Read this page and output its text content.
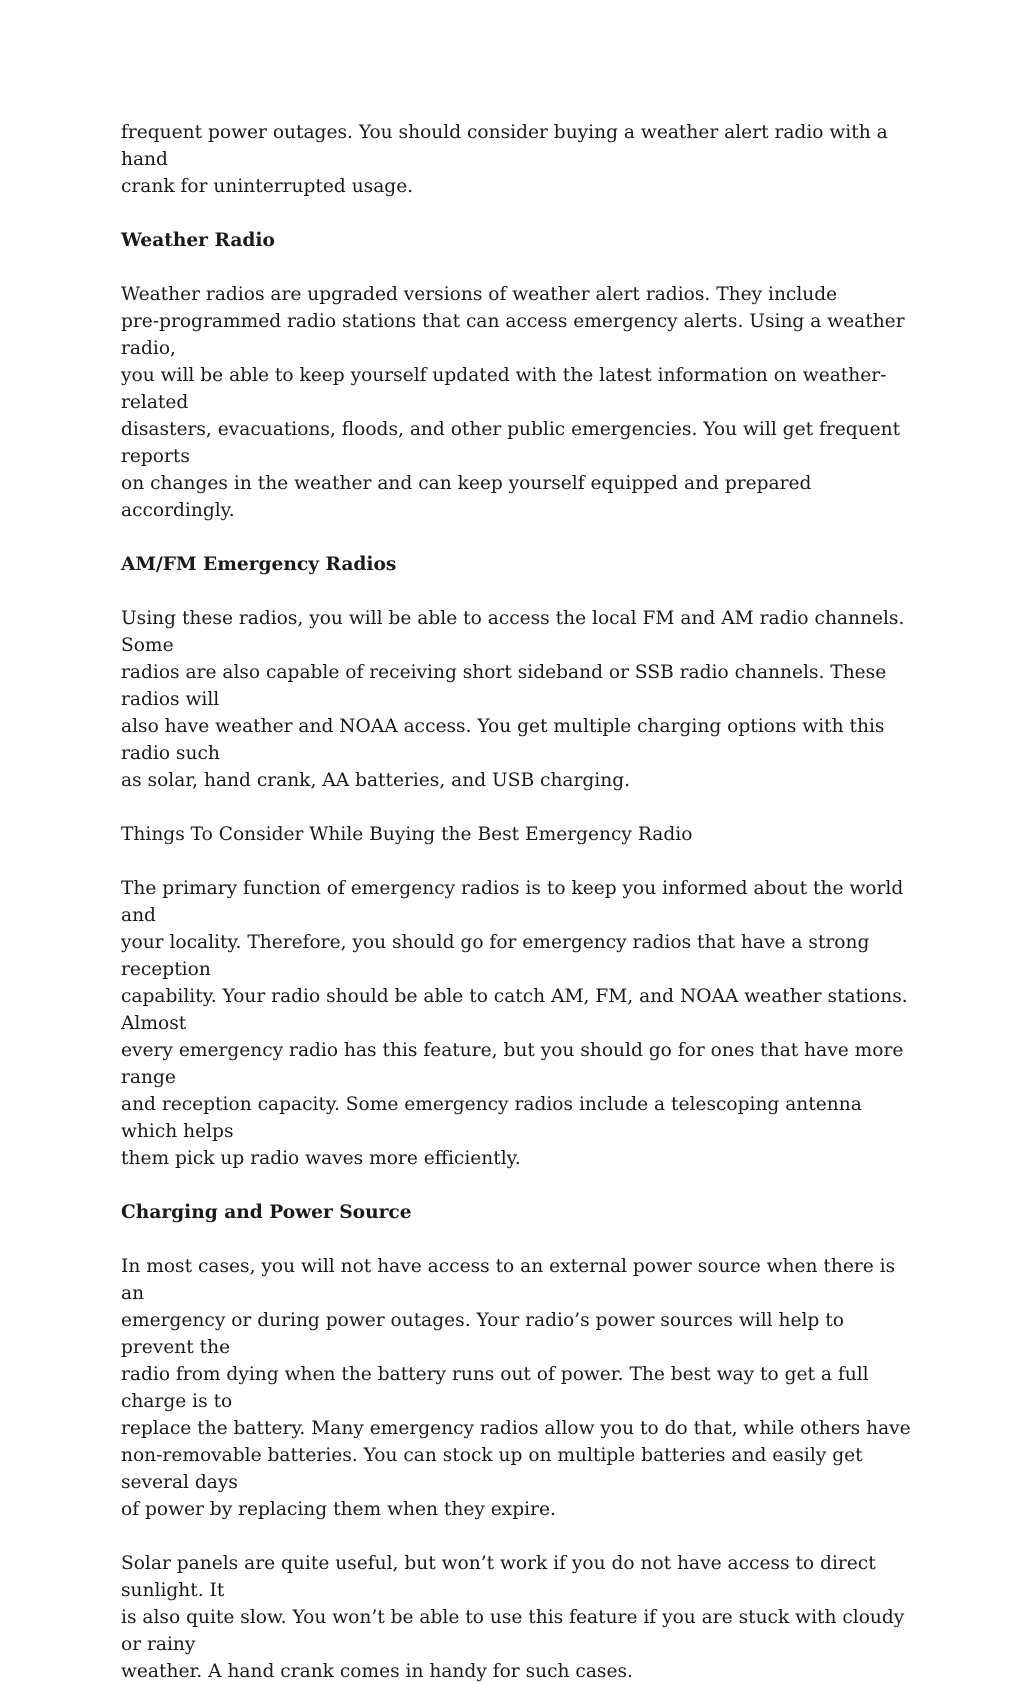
frequent power outages. You should consider buying a weather alert radio with a hand
crank for uninterrupted usage.

Weather Radio

Weather radios are upgraded versions of weather alert radios. They include
pre-programmed radio stations that can access emergency alerts. Using a weather radio,
you will be able to keep yourself updated with the latest information on weather-related
disasters, evacuations, floods, and other public emergencies. You will get frequent reports
on changes in the weather and can keep yourself equipped and prepared accordingly.

AM/FM Emergency Radios

Using these radios, you will be able to access the local FM and AM radio channels. Some
radios are also capable of receiving short sideband or SSB radio channels. These radios will
also have weather and NOAA access. You get multiple charging options with this radio such
as solar, hand crank, AA batteries, and USB charging.

Things To Consider While Buying the Best Emergency Radio

The primary function of emergency radios is to keep you informed about the world and
your locality. Therefore, you should go for emergency radios that have a strong reception
capability. Your radio should be able to catch AM, FM, and NOAA weather stations. Almost
every emergency radio has this feature, but you should go for ones that have more range
and reception capacity. Some emergency radios include a telescoping antenna which helps
them pick up radio waves more efficiently.

Charging and Power Source

In most cases, you will not have access to an external power source when there is an
emergency or during power outages. Your radio’s power sources will help to prevent the
radio from dying when the battery runs out of power. The best way to get a full charge is to
replace the battery. Many emergency radios allow you to do that, while others have
non-removable batteries. You can stock up on multiple batteries and easily get several days
of power by replacing them when they expire.

Solar panels are quite useful, but won’t work if you do not have access to direct sunlight. It
is also quite slow. You won’t be able to use this feature if you are stuck with cloudy or rainy
weather. A hand crank comes in handy for such cases.
